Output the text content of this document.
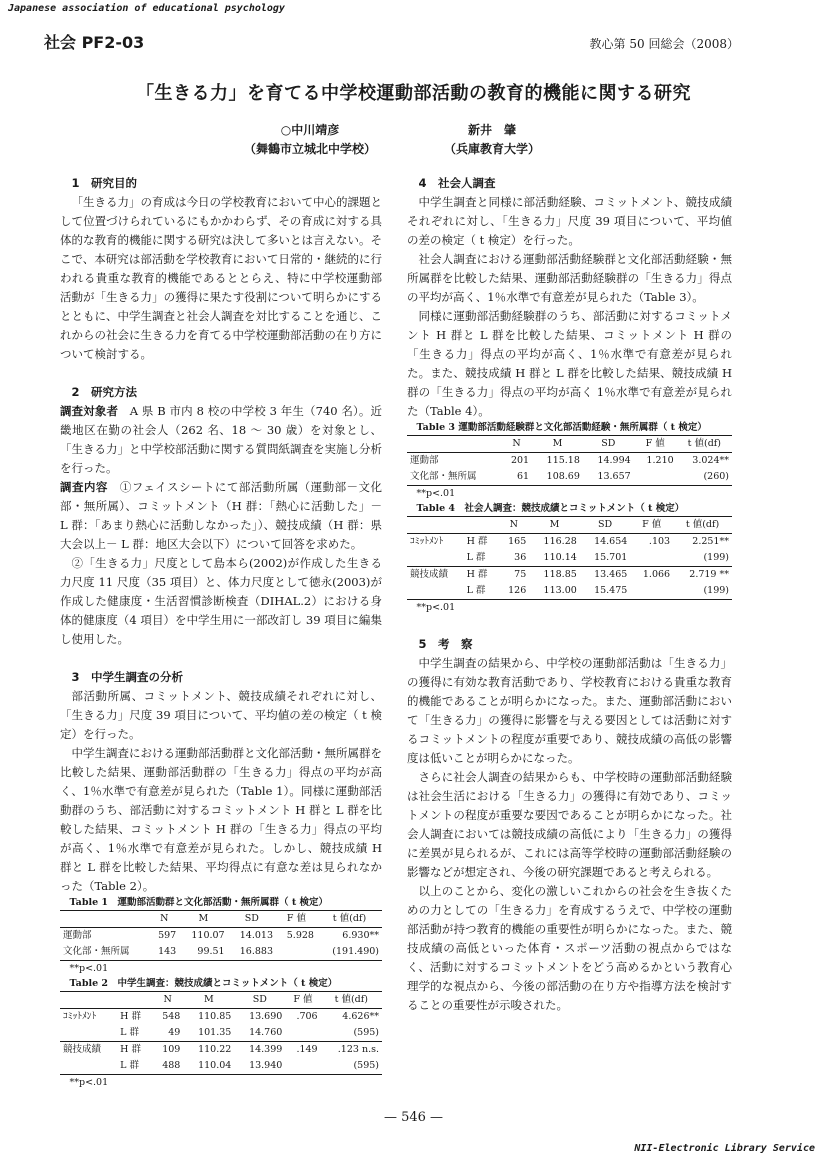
Japanese association of educational psychology
社会 PF2-03	教心第 50 回総会（2008）
「生きる力」を育てる中学校運動部活動の教育的機能に関する研究
○中川靖彦
（舞鶴市立城北中学校）
新井　肇
（兵庫教育大学）

1　研究目的

「生きる力」の育成は今日の学校教育において中心的課題として位置づけられているにもかかわらず、その育成に対する具体的な教育的機能に関する研究は決して多いとは言えない。そこで、本研究は部活動を学校教育において日常的・継続的に行われる貴重な教育的機能であるととらえ、特に中学校運動部活動が「生きる力」の獲得に果たす役割について明らかにするとともに、中学生調査と社会人調査を対比することを通じ、これからの社会に生きる力を育てる中学校運動部活動の在り方について検討する。

2　研究方法

調査対象者　 A 県 B 市内 8 校の中学校 3 年生（740 名）。近畿地区在勤の社会人（262 名、18 ～ 30 歳）を対象とし、「生きる力」と中学校部活動に関する質問紙調査を実施し分析を行った。

調査内容　 ①フェイスシートにて部活動所属（運動部－文化部・無所属）、コミットメント（H 群：「熱心に活動した」－ L 群：「あまり熱心に活動しなかった」）、競技成績（H 群：県大会以上－ L 群：地区大会以下）について回答を求めた。

②「生きる力」尺度として島本ら(2002)が作成した生きる力尺度 11 尺度（35 項目）と、体力尺度として徳永(2003)が作成した健康度・生活習慣診断検査（DIHAL.2）における身体的健康度（4 項目）を中学生用に一部改訂し 39 項目に編集し使用した。

3　中学生調査の分析

部活動所属、コミットメント、競技成績それぞれに対し、「生きる力」尺度 39 項目について、平均値の差の検定（ t 検定）を行った。

中学生調査における運動部活動群と文化部活動・無所属群を比較した結果、運動部活動群の「生きる力」得点の平均が高く、1％水準で有意差が見られた（Table 1）。同様に運動部活動群のうち、部活動に対するコミットメント H 群と L 群を比較した結果、コミットメント H 群の「生きる力」得点の平均が高く、1％水準で有意差が見られた。しかし、競技成績 H 群と L 群を比較した結果、平均得点に有意な差は見られなかった（Table 2）。

Table 1　運動部活動群と文化部活動・無所属群（ t 検定）

	N	M	SD	F 値	t 値(df)
運動部	597	110.07	14.013	5.928	6.930**
文化部・無所属	143	99.51	16.883		(191.490)

**p<.01

Table 2　中学生調査：競技成績とコミットメント（ t 検定）

		N	M	SD	F 値	t 値(df)
ｺﾐｯﾄﾒﾝﾄ	H 群	548	110.85	13.690	.706	4.626**
	L 群	49	101.35	14.760		(595)
競技成績	H 群	109	110.22	14.399	.149	.123 n.s.
	L 群	488	110.04	13.940		(595)

**p<.01

4　社会人調査

中学生調査と同様に部活動経験、コミットメント、競技成績それぞれに対し、「生きる力」尺度 39 項目について、平均値の差の検定（ t 検定）を行った。

社会人調査における運動部活動経験群と文化部活動経験・無所属群を比較した結果、運動部活動経験群の「生きる力」得点の平均が高く、1％水準で有意差が見られた（Table 3）。

同様に運動部活動経験群のうち、部活動に対するコミットメント H 群と L 群を比較した結果、コミットメント H 群の「生きる力」得点の平均が高く、1％水準で有意差が見られた。また、競技成績 H 群と L 群を比較した結果、競技成績 H 群の「生きる力」得点の平均が高く 1％水準で有意差が見られた（Table 4）。

Table 3 運動部活動経験群と文化部活動経験・無所属群（ t 検定）

	N	M	SD	F 値	t 値(df)
運動部	201	115.18	14.994	1.210	3.024**
文化部・無所属	61	108.69	13.657		(260)

**p<.01

Table 4　社会人調査：競技成績とコミットメント（ t 検定）

		N	M	SD	F 値	t 値(df)
ｺﾐｯﾄﾒﾝﾄ	H 群	165	116.28	14.654	.103	2.251**
	L 群	36	110.14	15.701		(199)
競技成績	H 群	75	118.85	13.465	1.066	2.719 **
	L 群	126	113.00	15.475		(199)

**p<.01

5　考　察

中学生調査の結果から、中学校の運動部活動は「生きる力」の獲得に有効な教育活動であり、学校教育における貴重な教育的機能であることが明らかになった。また、運動部活動において「生きる力」の獲得に影響を与える要因としては活動に対するコミットメントの程度が重要であり、競技成績の高低の影響度は低いことが明らかになった。

さらに社会人調査の結果からも、中学校時の運動部活動経験は社会生活における「生きる力」の獲得に有効であり、コミットメントの程度が重要な要因であることが明らかになった。社会人調査においては競技成績の高低により「生きる力」の獲得に差異が見られるが、これには高等学校時の運動部活動経験の影響などが想定され、今後の研究課題であると考えられる。

以上のことから、変化の激しいこれからの社会を生き抜くための力としての「生きる力」を育成するうえで、中学校の運動部活動が持つ教育的機能の重要性が明らかになった。また、競技成績の高低といった体育・スポーツ活動の視点からではなく、活動に対するコミットメントをどう高めるかという教育心理学的な視点から、今後の部活動の在り方や指導方法を検討することの重要性が示唆された。

— 546 —
NII-Electronic Library Service
